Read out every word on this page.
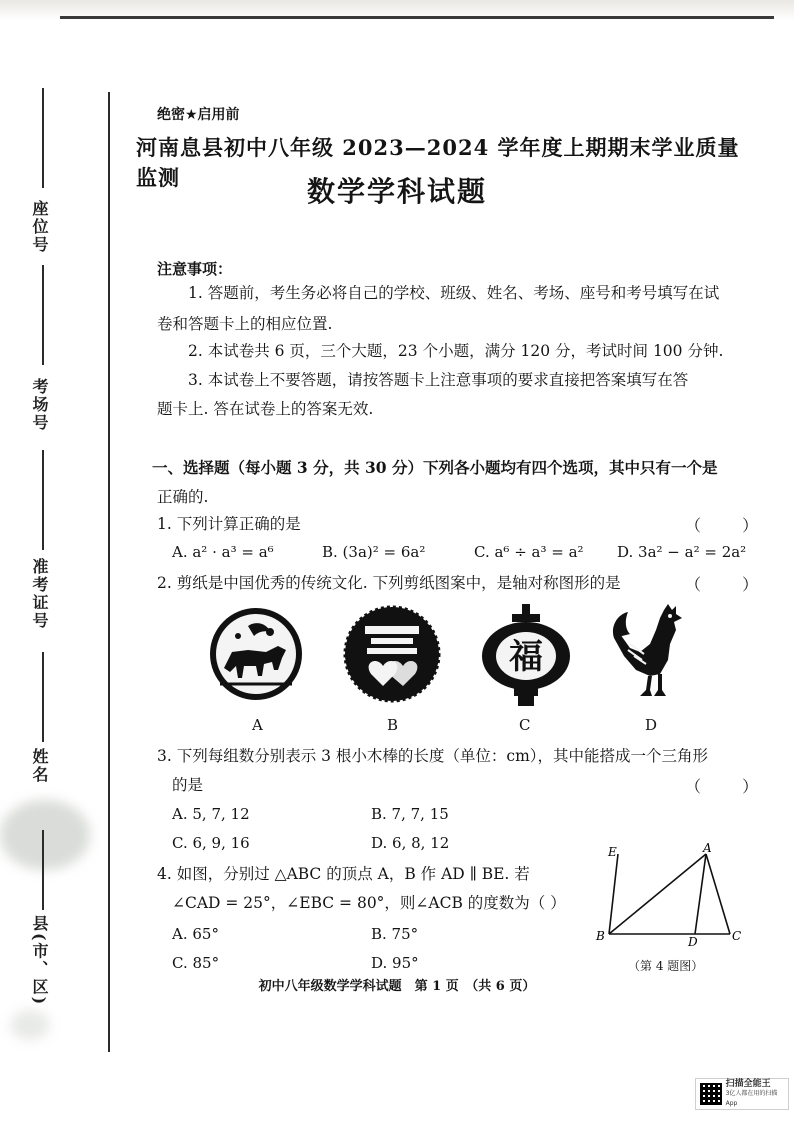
座位号
考场号
准考证号
姓名
县(市、区)
绝密★启用前
河南息县初中八年级 2023—2024 学年度上期期末学业质量监测	数学学科试题
注意事项：
1. 答题前，考生务必将自己的学校、班级、姓名、考场、座号和考号填写在试
卷和答题卡上的相应位置.
2. 本试卷共 6 页，三个大题，23 个小题，满分 120 分，考试时间 100 分钟.
3. 本试卷上不要答题，请按答题卡上注意事项的要求直接把答案填写在答
题卡上. 答在试卷上的答案无效.
一、选择题（每小题 3 分，共 30 分）下列各小题均有四个选项，其中只有一个是
正确的.
1. 下列计算正确的是	（ ）
A. a² · a³ = a⁶	B. (3a)² = 6a²	C. a⁶ ÷ a³ = a² D. 3a² − a² = 2a²
2. 剪纸是中国优秀的传统文化. 下列剪纸图案中，是轴对称图形的是	（ ）
福
A	B	C	D
3. 下列每组数分别表示 3 根小木棒的长度（单位：cm），其中能搭成一个三角形
的是	（ ）
A. 5, 7, 12	B. 7, 7, 15
C. 6, 9, 16	D. 6, 8, 12
4. 如图，分别过 △ABC 的顶点 A，B 作 AD ∥ BE. 若
∠CAD = 25°，∠EBC = 80°，则∠ACB 的度数为（ ）
A. 65°	B. 75°
C. 85°	D. 95°
E	A
B	D	C
（第 4 题图）
初中八年级数学学科试题　第 1 页　（共 6 页）
扫描全能王
3亿人都在用的扫描App
